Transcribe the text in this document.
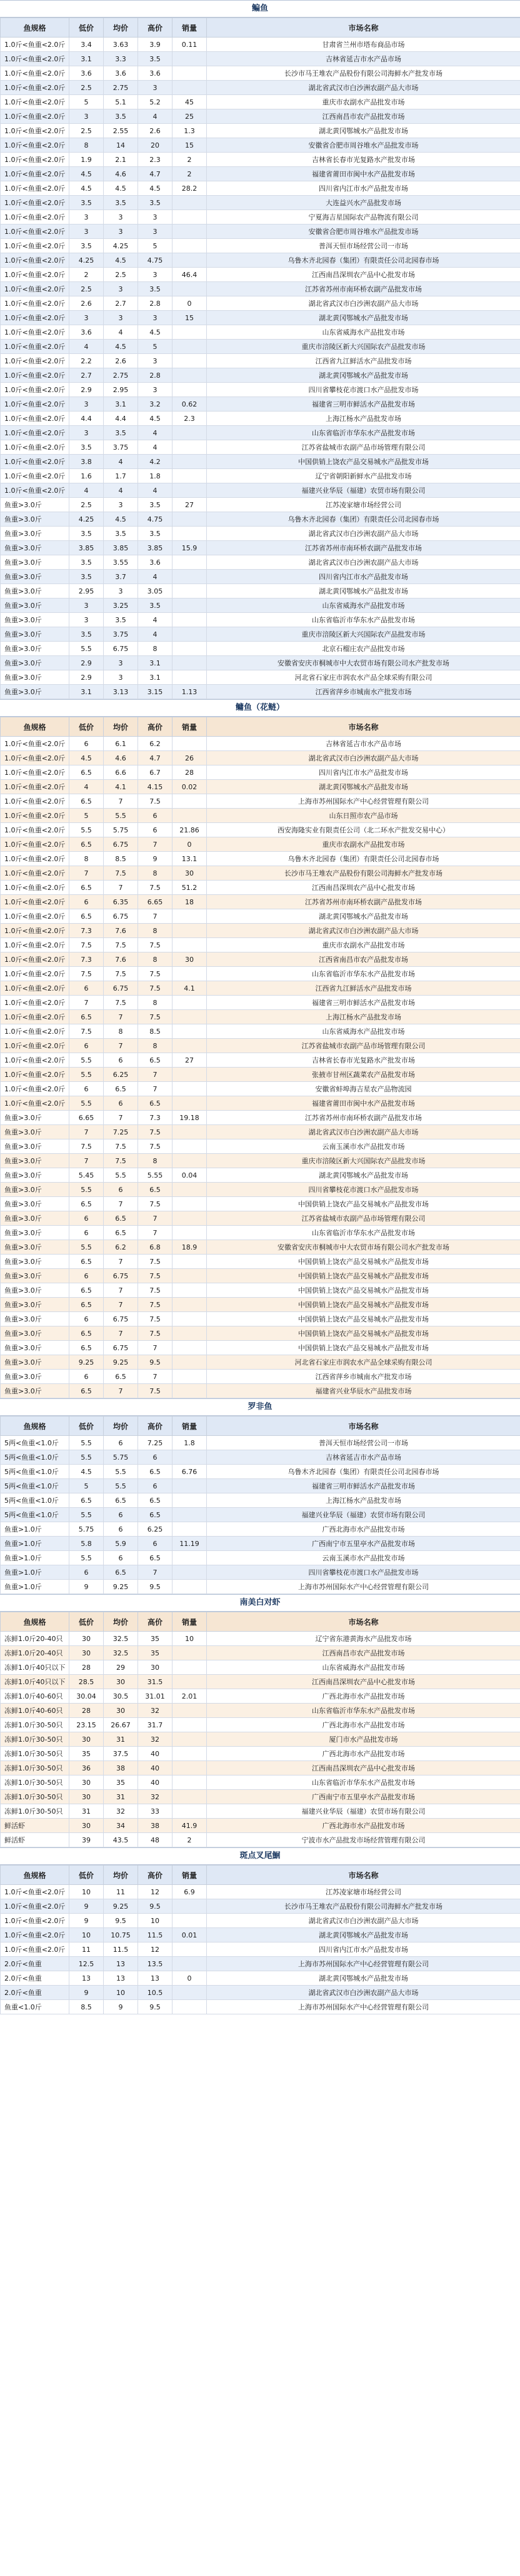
鳊鱼
鱼规格	低价	均价	高价	销量	市场名称
1.0斤<鱼重<2.0斤	3.4	3.63	3.9	0.11	甘肃省兰州市塔布商品市场
1.0斤<鱼重<2.0斤	3.1	3.3	3.5		吉林省延吉市水产品市场
1.0斤<鱼重<2.0斤	3.6	3.6	3.6		长沙市马王堆农产品股份有限公司海鲜水产批发市场
1.0斤<鱼重<2.0斤	2.5	2.75	3		湖北省武汉市白沙洲农副产品大市场
1.0斤<鱼重<2.0斤	5	5.1	5.2	45	重庆市农副水产品批发市场
1.0斤<鱼重<2.0斤	3	3.5	4	25	江西南昌市农产品批发市场
1.0斤<鱼重<2.0斤	2.5	2.55	2.6	1.3	湖北黄冈鄂城水产品批发市场
1.0斤<鱼重<2.0斤	8	14	20	15	安徽省合肥市周谷堆水产品批发市场
1.0斤<鱼重<2.0斤	1.9	2.1	2.3	2	吉林省长春市光复路水产批发市场
1.0斤<鱼重<2.0斤	4.5	4.6	4.7	2	福建省莆田市闽中水产品批发市场
1.0斤<鱼重<2.0斤	4.5	4.5	4.5	28.2	四川省内江市水产品批发市场
1.0斤<鱼重<2.0斤	3.5	3.5	3.5		大连益兴水产品批发市场
1.0斤<鱼重<2.0斤	3	3	3		宁夏海吉星国际农产品物流有限公司
1.0斤<鱼重<2.0斤	3	3	3		安徽省合肥市周谷堆水产品批发市场
1.0斤<鱼重<2.0斤	3.5	4.25	5		普洱天恒市场经营公司一市场
1.0斤<鱼重<2.0斤	4.25	4.5	4.75		乌鲁木齐北园春（集团）有限责任公司北园春市场
1.0斤<鱼重<2.0斤	2	2.5	3	46.4	江西南昌深圳农产品中心批发市场
1.0斤<鱼重<2.0斤	2.5	3	3.5		江苏省苏州市南环桥农副产品批发市场
1.0斤<鱼重<2.0斤	2.6	2.7	2.8	0	湖北省武汉市白沙洲农副产品大市场
1.0斤<鱼重<2.0斤	3	3	3	15	湖北黄冈鄂城水产品批发市场
1.0斤<鱼重<2.0斤	3.6	4	4.5		山东省威海水产品批发市场
1.0斤<鱼重<2.0斤	4	4.5	5		重庆市涪陵区新大兴国际农产品批发市场
1.0斤<鱼重<2.0斤	2.2	2.6	3		江西省九江鲜活水产品批发市场
1.0斤<鱼重<2.0斤	2.7	2.75	2.8		湖北黄冈鄂城水产品批发市场
1.0斤<鱼重<2.0斤	2.9	2.95	3		四川省攀枝花市渡口水产品批发市场
1.0斤<鱼重<2.0斤	3	3.1	3.2	0.62	福建省三明市鲜活水产品批发市场
1.0斤<鱼重<2.0斤	4.4	4.4	4.5	2.3	上海江杨水产品批发市场
1.0斤<鱼重<2.0斤	3	3.5	4		山东省临沂市华东水产品批发市场
1.0斤<鱼重<2.0斤	3.5	3.75	4		江苏省盐城市农副产品市场管理有限公司
1.0斤<鱼重<2.0斤	3.8	4	4.2		中国供销上饶农产品交易城水产品批发市场
1.0斤<鱼重<2.0斤	1.6	1.7	1.8		辽宁省朝阳新鲜水产品批发市场
1.0斤<鱼重<2.0斤	4	4	4		福建兴业华辰（福建）农贸市场有限公司
鱼重>3.0斤	2.5	3	3.5	27	江苏凌家塘市场经营公司
鱼重>3.0斤	4.25	4.5	4.75		乌鲁木齐北园春（集团）有限责任公司北园春市场
鱼重>3.0斤	3.5	3.5	3.5		湖北省武汉市白沙洲农副产品大市场
鱼重>3.0斤	3.85	3.85	3.85	15.9	江苏省苏州市南环桥农副产品批发市场
鱼重>3.0斤	3.5	3.55	3.6		湖北省武汉市白沙洲农副产品大市场
鱼重>3.0斤	3.5	3.7	4		四川省内江市水产品批发市场
鱼重>3.0斤	2.95	3	3.05		湖北黄冈鄂城水产品批发市场
鱼重>3.0斤	3	3.25	3.5		山东省威海水产品批发市场
鱼重>3.0斤	3	3.5	4		山东省临沂市华东水产品批发市场
鱼重>3.0斤	3.5	3.75	4		重庆市涪陵区新大兴国际农产品批发市场
鱼重>3.0斤	5.5	6.75	8		北京石榴庄农产品批发市场
鱼重>3.0斤	2.9	3	3.1		安徽省安庆市桐城市中大农贸市场有限公司水产批发市场
鱼重>3.0斤	2.9	3	3.1		河北省石家庄市润农水产品全球采购有限公司
鱼重>3.0斤	3.1	3.13	3.15	1.13	江西省萍乡市城南水产批发市场
鳙鱼（花鲢）
鱼规格	低价	均价	高价	销量	市场名称
1.0斤<鱼重<2.0斤	6	6.1	6.2		吉林省延吉市水产品市场
1.0斤<鱼重<2.0斤	4.5	4.6	4.7	26	湖北省武汉市白沙洲农副产品大市场
1.0斤<鱼重<2.0斤	6.5	6.6	6.7	28	四川省内江市水产品批发市场
1.0斤<鱼重<2.0斤	4	4.1	4.15	0.02	湖北黄冈鄂城水产品批发市场
1.0斤<鱼重<2.0斤	6.5	7	7.5		上海市苏州国际水产中心经营管理有限公司
1.0斤<鱼重<2.0斤	5	5.5	6		山东日照市农产品市场
1.0斤<鱼重<2.0斤	5.5	5.75	6	21.86	西安海隆实业有限责任公司（北二环水产批发交易中心）
1.0斤<鱼重<2.0斤	6.5	6.75	7	0	重庆市农副水产品批发市场
1.0斤<鱼重<2.0斤	8	8.5	9	13.1	乌鲁木齐北园春（集团）有限责任公司北园春市场
1.0斤<鱼重<2.0斤	7	7.5	8	30	长沙市马王堆农产品股份有限公司海鲜水产批发市场
1.0斤<鱼重<2.0斤	6.5	7	7.5	51.2	江西南昌深圳农产品中心批发市场
1.0斤<鱼重<2.0斤	6	6.35	6.65	18	江苏省苏州市南环桥农副产品批发市场
1.0斤<鱼重<2.0斤	6.5	6.75	7		湖北黄冈鄂城水产品批发市场
1.0斤<鱼重<2.0斤	7.3	7.6	8		湖北省武汉市白沙洲农副产品大市场
1.0斤<鱼重<2.0斤	7.5	7.5	7.5		重庆市农副水产品批发市场
1.0斤<鱼重<2.0斤	7.3	7.6	8	30	江西省南昌市农产品批发市场
1.0斤<鱼重<2.0斤	7.5	7.5	7.5		山东省临沂市华东水产品批发市场
1.0斤<鱼重<2.0斤	6	6.75	7.5	4.1	江西省九江鲜活水产品批发市场
1.0斤<鱼重<2.0斤	7	7.5	8		福建省三明市鲜活水产品批发市场
1.0斤<鱼重<2.0斤	6.5	7	7.5		上海江杨水产品批发市场
1.0斤<鱼重<2.0斤	7.5	8	8.5		山东省威海水产品批发市场
1.0斤<鱼重<2.0斤	6	7	8		江苏省盐城市农副产品市场管理有限公司
1.0斤<鱼重<2.0斤	5.5	6	6.5	27	吉林省长春市光复路水产批发市场
1.0斤<鱼重<2.0斤	5.5	6.25	7		张掖市甘州区蔬菜农产品批发市场
1.0斤<鱼重<2.0斤	6	6.5	7		安徽省蚌埠海吉星农产品物流园
1.0斤<鱼重<2.0斤	5.5	6	6.5		福建省莆田市闽中水产品批发市场
鱼重>3.0斤	6.65	7	7.3	19.18	江苏省苏州市南环桥农副产品批发市场
鱼重>3.0斤	7	7.25	7.5		湖北省武汉市白沙洲农副产品大市场
鱼重>3.0斤	7.5	7.5	7.5		云南玉溪市水产品批发市场
鱼重>3.0斤	7	7.5	8		重庆市涪陵区新大兴国际农产品批发市场
鱼重>3.0斤	5.45	5.5	5.55	0.04	湖北黄冈鄂城水产品批发市场
鱼重>3.0斤	5.5	6	6.5		四川省攀枝花市渡口水产品批发市场
鱼重>3.0斤	6.5	7	7.5		中国供销上饶农产品交易城水产品批发市场
鱼重>3.0斤	6	6.5	7		江苏省盐城市农副产品市场管理有限公司
鱼重>3.0斤	6	6.5	7		山东省临沂市华东水产品批发市场
鱼重>3.0斤	5.5	6.2	6.8	18.9	安徽省安庆市桐城市中大农贸市场有限公司水产批发市场
鱼重>3.0斤	6.5	7	7.5		中国供销上饶农产品交易城水产品批发市场
鱼重>3.0斤	6	6.75	7.5		中国供销上饶农产品交易城水产品批发市场
鱼重>3.0斤	6.5	7	7.5		中国供销上饶农产品交易城水产品批发市场
鱼重>3.0斤	6.5	7	7.5		中国供销上饶农产品交易城水产品批发市场
鱼重>3.0斤	6	6.75	7.5		中国供销上饶农产品交易城水产品批发市场
鱼重>3.0斤	6.5	7	7.5		中国供销上饶农产品交易城水产品批发市场
鱼重>3.0斤	6.5	6.75	7		中国供销上饶农产品交易城水产品批发市场
鱼重>3.0斤	9.25	9.25	9.5		河北省石家庄市润农水产品全球采购有限公司
鱼重>3.0斤	6	6.5	7		江西省萍乡市城南水产批发市场
鱼重>3.0斤	6.5	7	7.5		福建省兴业华辰水产品批发市场
罗非鱼
鱼规格	低价	均价	高价	销量	市场名称
5两<鱼重<1.0斤	5.5	6	7.25	1.8	普洱天恒市场经营公司一市场
5两<鱼重<1.0斤	5.5	5.75	6		吉林省延吉市水产品市场
5两<鱼重<1.0斤	4.5	5.5	6.5	6.76	乌鲁木齐北园春（集团）有限责任公司北园春市场
5两<鱼重<1.0斤	5	5.5	6		福建省三明市鲜活水产品批发市场
5两<鱼重<1.0斤	6.5	6.5	6.5		上海江杨水产品批发市场
5两<鱼重<1.0斤	5.5	6	6.5		福建兴业华辰（福建）农贸市场有限公司
鱼重>1.0斤	5.75	6	6.25		广西北海市水产品批发市场
鱼重>1.0斤	5.8	5.9	6	11.19	广西南宁市五里亭水产品批发市场
鱼重>1.0斤	5.5	6	6.5		云南玉溪市水产品批发市场
鱼重>1.0斤	6	6.5	7		四川省攀枝花市渡口水产品批发市场
鱼重>1.0斤	9	9.25	9.5		上海市苏州国际水产中心经营管理有限公司
南美白对虾
鱼规格	低价	均价	高价	销量	市场名称
冻鲜1.0斤20-40只	30	32.5	35	10	辽宁省东港黄海水产品批发市场
冻鲜1.0斤20-40只	30	32.5	35		江西南昌市农产品批发市场
冻鲜1.0斤40只以下	28	29	30		山东省威海水产品批发市场
冻鲜1.0斤40只以下	28.5	30	31.5		江西南昌深圳农产品中心批发市场
冻鲜1.0斤40-60只	30.04	30.5	31.01	2.01	广西北海市水产品批发市场
冻鲜1.0斤40-60只	28	30	32		山东省临沂市华东水产品批发市场
冻鲜1.0斤30-50只	23.15	26.67	31.7		广西北海市水产品批发市场
冻鲜1.0斤30-50只	30	31	32		厦门市水产品批发市场
冻鲜1.0斤30-50只	35	37.5	40		广西北海市水产品批发市场
冻鲜1.0斤30-50只	36	38	40		江西南昌深圳农产品中心批发市场
冻鲜1.0斤30-50只	30	35	40		山东省临沂市华东水产品批发市场
冻鲜1.0斤30-50只	30	31	32		广西南宁市五里亭水产品批发市场
冻鲜1.0斤30-50只	31	32	33		福建兴业华辰（福建）农贸市场有限公司
鲜活虾	30	34	38	41.9	广西北海市水产品批发市场
鲜活虾	39	43.5	48	2	宁波市水产品批发市场经营管理有限公司
斑点叉尾鮰
鱼规格	低价	均价	高价	销量	市场名称
1.0斤<鱼重<2.0斤	10	11	12	6.9	江苏凌家塘市场经营公司
1.0斤<鱼重<2.0斤	9	9.25	9.5		长沙市马王堆农产品股份有限公司海鲜水产批发市场
1.0斤<鱼重<2.0斤	9	9.5	10		湖北省武汉市白沙洲农副产品大市场
1.0斤<鱼重<2.0斤	10	10.75	11.5	0.01	湖北黄冈鄂城水产品批发市场
1.0斤<鱼重<2.0斤	11	11.5	12		四川省内江市水产品批发市场
2.0斤<鱼重	12.5	13	13.5		上海市苏州国际水产中心经营管理有限公司
2.0斤<鱼重	13	13	13	0	湖北黄冈鄂城水产品批发市场
2.0斤<鱼重	9	10	10.5		湖北省武汉市白沙洲农副产品大市场
鱼重<1.0斤	8.5	9	9.5		上海市苏州国际水产中心经营管理有限公司
